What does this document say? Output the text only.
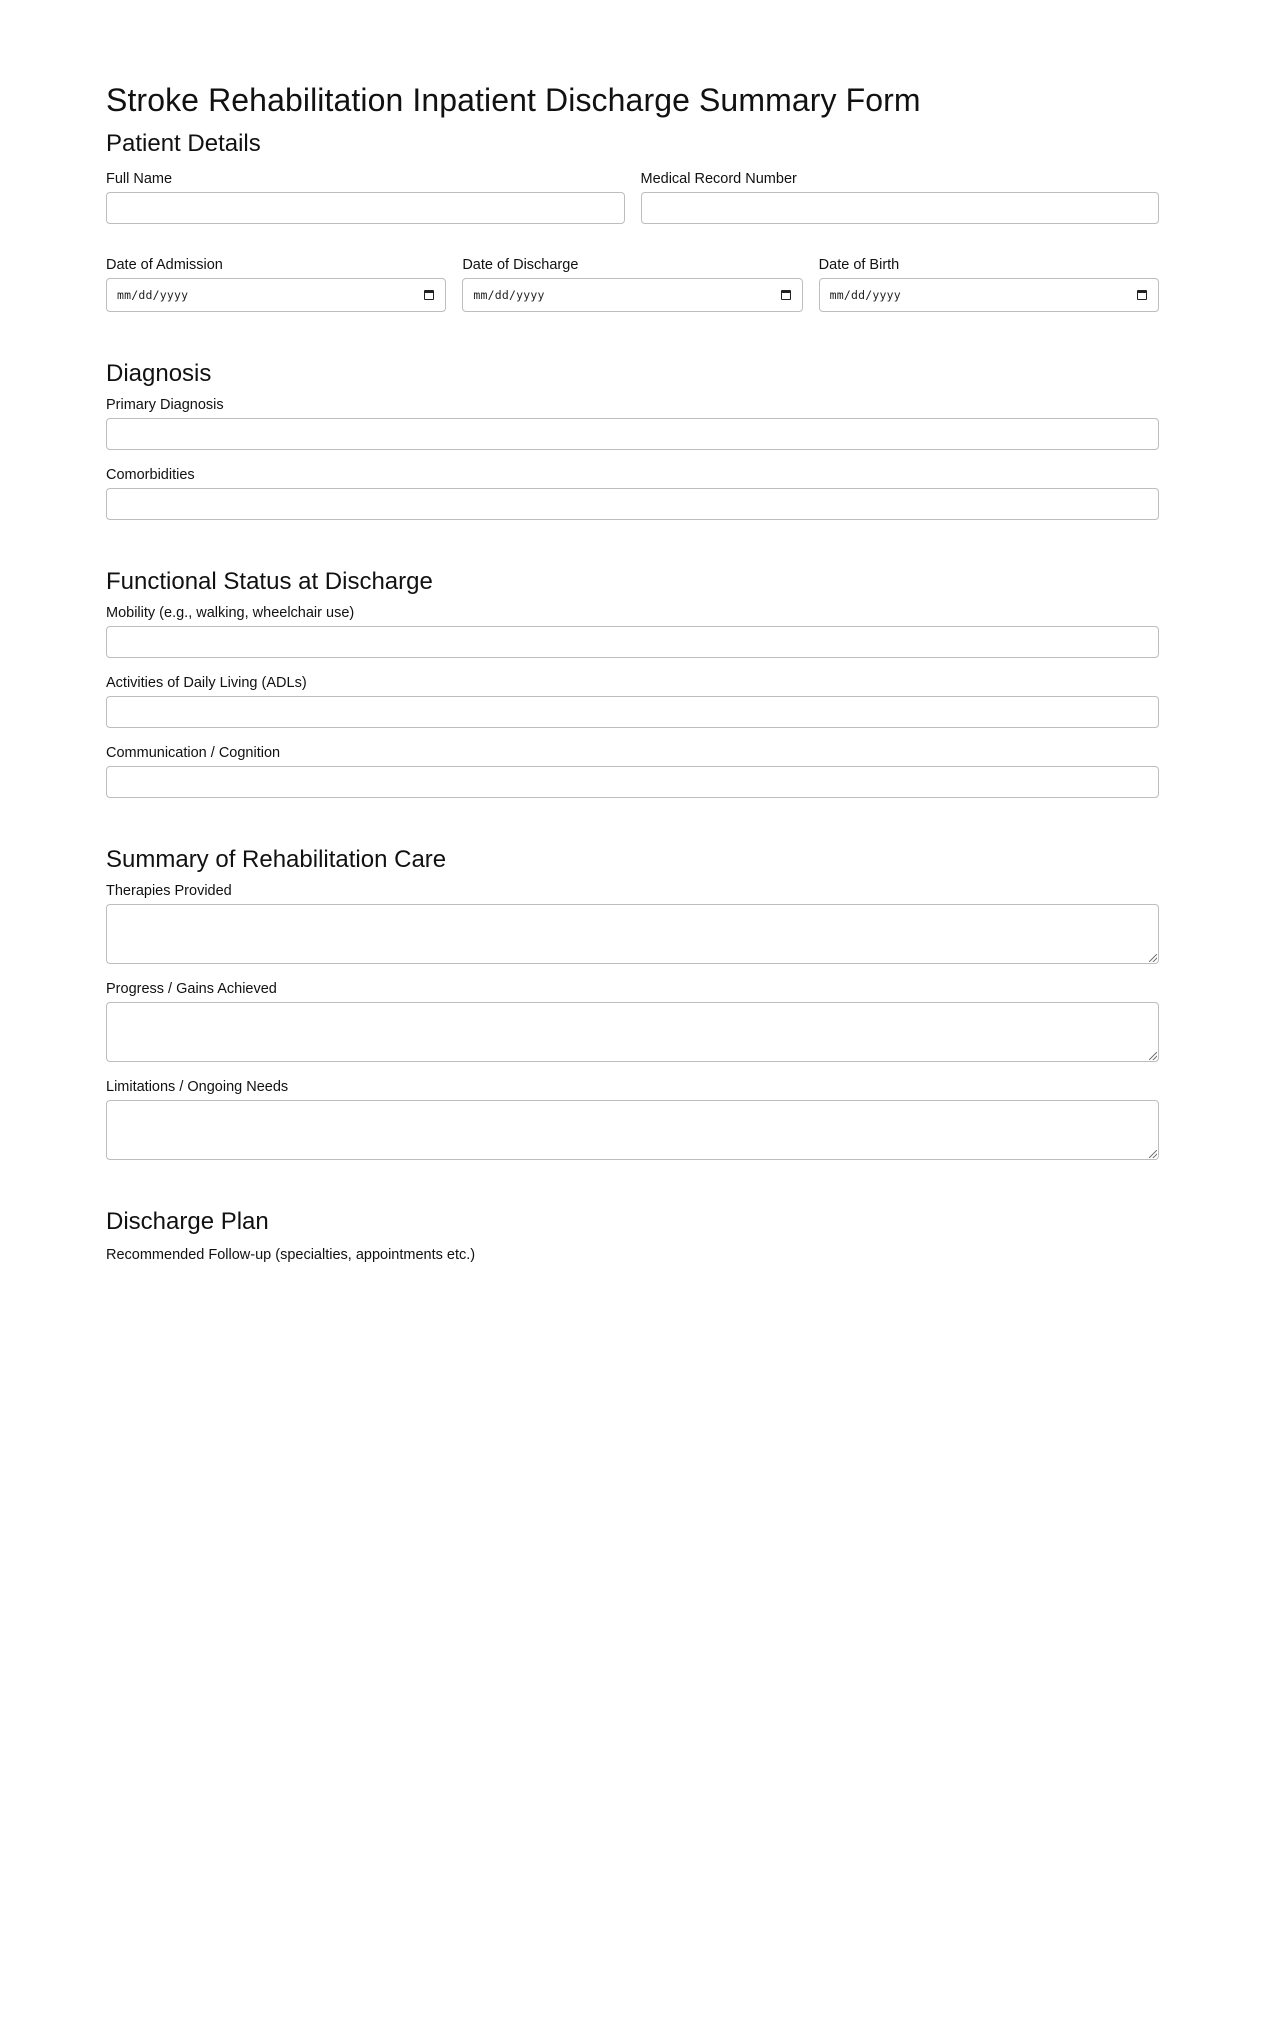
Stroke Rehabilitation Inpatient Discharge Summary Form
Patient Details
Full Name	Medical Record Number
Date of Admission
mm/dd/yyyy
Date of Discharge
mm/dd/yyyy
Date of Birth
mm/dd/yyyy
Diagnosis
Primary Diagnosis
Comorbidities
Functional Status at Discharge
Mobility (e.g., walking, wheelchair use)
Activities of Daily Living (ADLs)
Communication / Cognition
Summary of Rehabilitation Care
Therapies Provided
Progress / Gains Achieved
Limitations / Ongoing Needs
Discharge Plan
Recommended Follow-up (specialties, appointments etc.)
